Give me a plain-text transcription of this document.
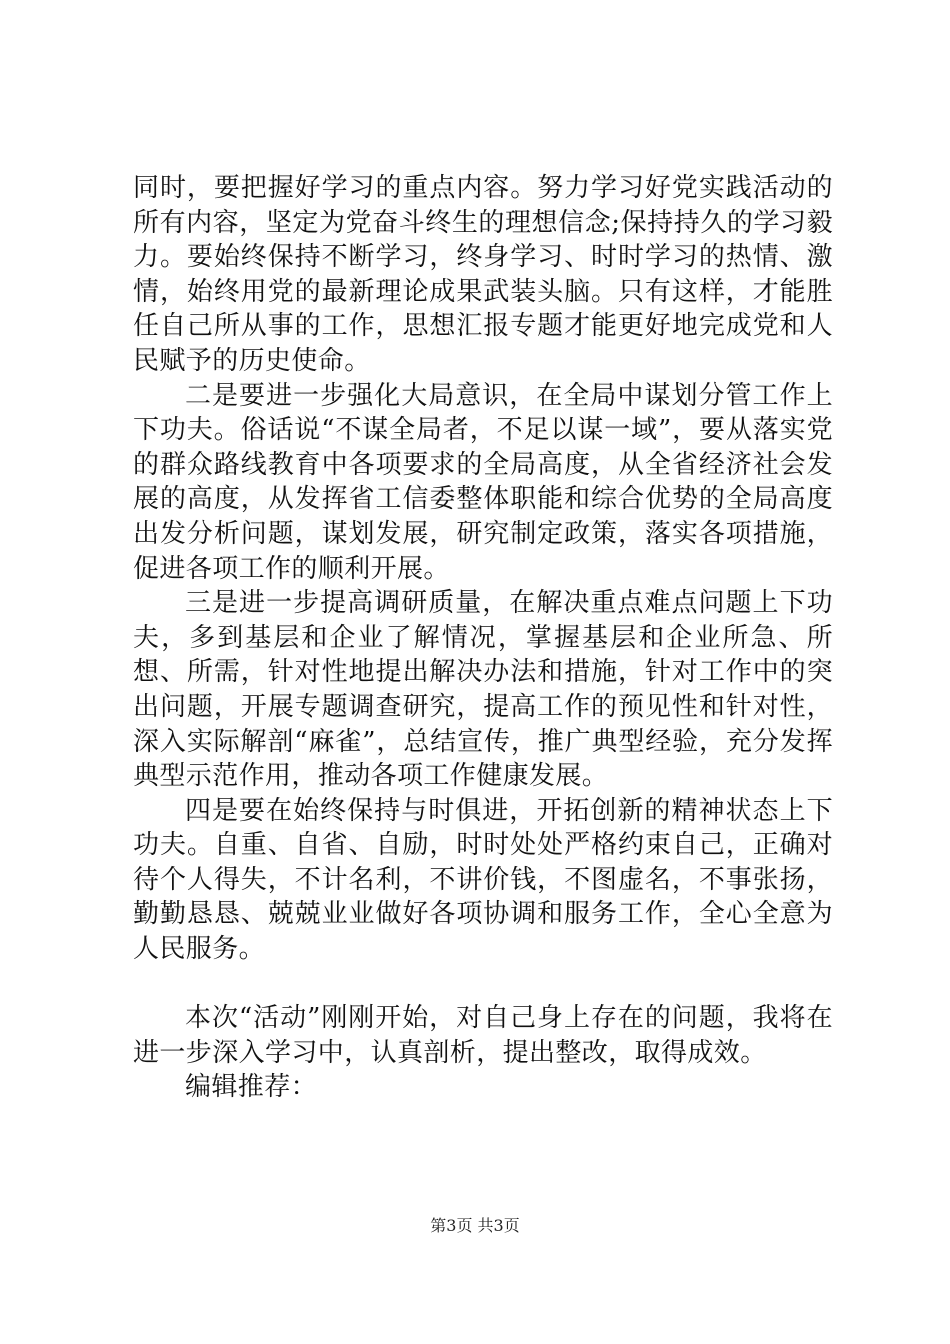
同时，要把握好学习的重点内容。努力学习好党实践活动的所有内容，坚定为党奋斗终生的理想信念;保持持久的学习毅力。要始终保持不断学习，终身学习、时时学习的热情、激情，始终用党的最新理论成果武装头脑。只有这样，才能胜任自己所从事的工作，思想汇报专题才能更好地完成党和人民赋予的历史使命。

二是要进一步强化大局意识，在全局中谋划分管工作上下功夫。俗话说“不谋全局者，不足以谋一域”，要从落实党的群众路线教育中各项要求的全局高度，从全省经济社会发展的高度，从发挥省工信委整体职能和综合优势的全局高度出发分析问题，谋划发展，研究制定政策，落实各项措施，促进各项工作的顺利开展。

三是进一步提高调研质量，在解决重点难点问题上下功夫，多到基层和企业了解情况，掌握基层和企业所急、所想、所需，针对性地提出解决办法和措施，针对工作中的突出问题，开展专题调查研究，提高工作的预见性和针对性，深入实际解剖“麻雀”，总结宣传，推广典型经验，充分发挥典型示范作用，推动各项工作健康发展。

四是要在始终保持与时俱进，开拓创新的精神状态上下功夫。自重、自省、自励，时时处处严格约束自己，正确对待个人得失，不计名利，不讲价钱，不图虚名，不事张扬，勤勤恳恳、兢兢业业做好各项协调和服务工作，全心全意为人民服务。

本次“活动”刚刚开始，对自己身上存在的问题，我将在进一步深入学习中，认真剖析，提出整改，取得成效。

编辑推荐：

第3页 共3页
